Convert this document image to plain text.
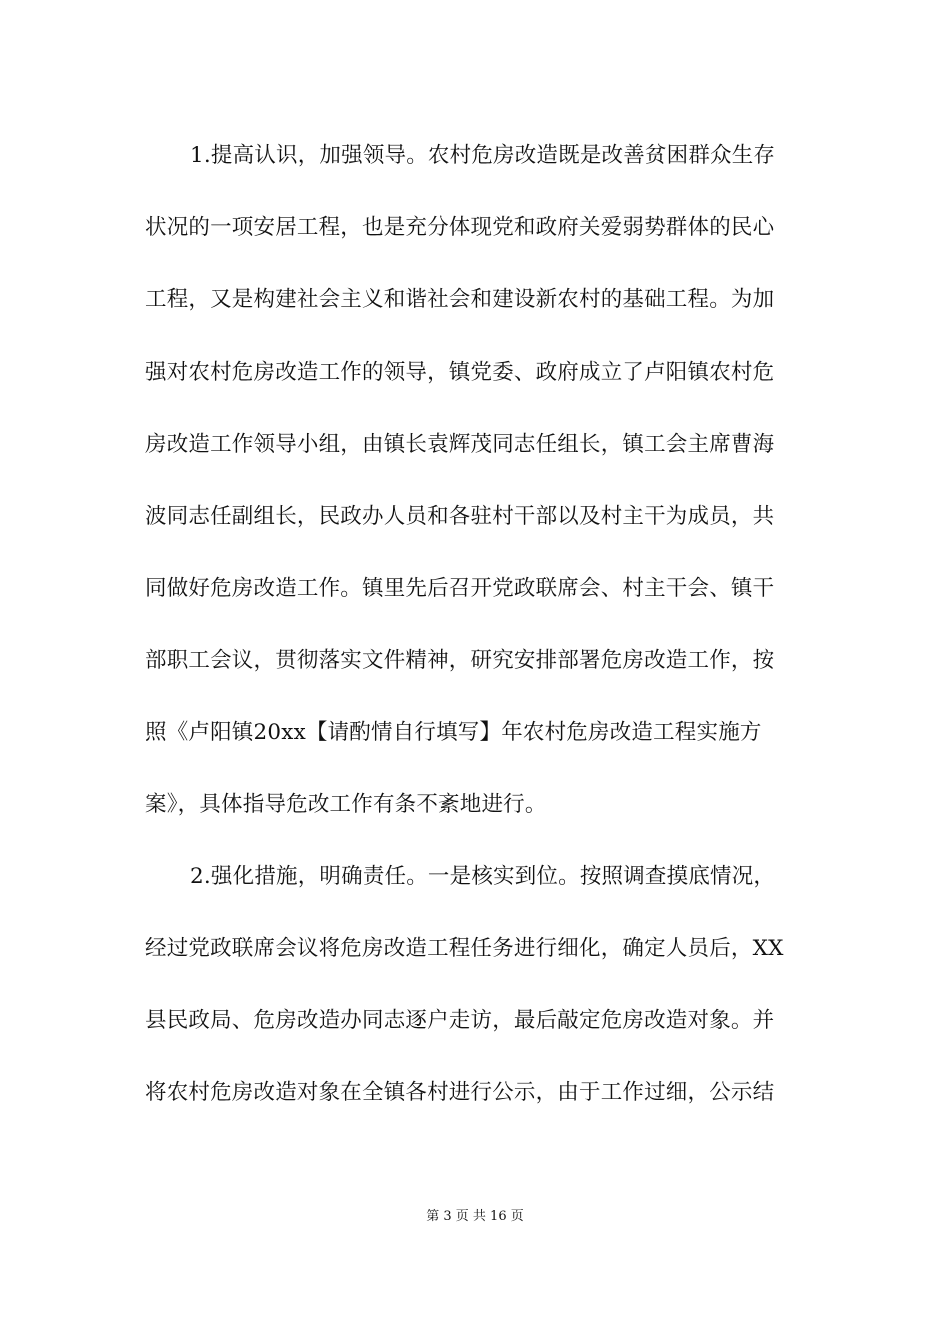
1.提高认识，加强领导。农村危房改造既是改善贫困群众生存
状况的一项安居工程，也是充分体现党和政府关爱弱势群体的民心
工程，又是构建社会主义和谐社会和建设新农村的基础工程。为加
强对农村危房改造工作的领导，镇党委、政府成立了卢阳镇农村危
房改造工作领导小组，由镇长袁辉茂同志任组长，镇工会主席曹海
波同志任副组长，民政办人员和各驻村干部以及村主干为成员，共
同做好危房改造工作。镇里先后召开党政联席会、村主干会、镇干
部职工会议，贯彻落实文件精神，研究安排部署危房改造工作，按
照《卢阳镇20xx【请酌情自行填写】年农村危房改造工程实施方
案》，具体指导危改工作有条不紊地进行。
2.强化措施，明确责任。一是核实到位。按照调查摸底情况，
经过党政联席会议将危房改造工程任务进行细化，确定人员后，XX
县民政局、危房改造办同志逐户走访，最后敲定危房改造对象。并
将农村危房改造对象在全镇各村进行公示，由于工作过细，公示结
第 3 页 共 16 页
